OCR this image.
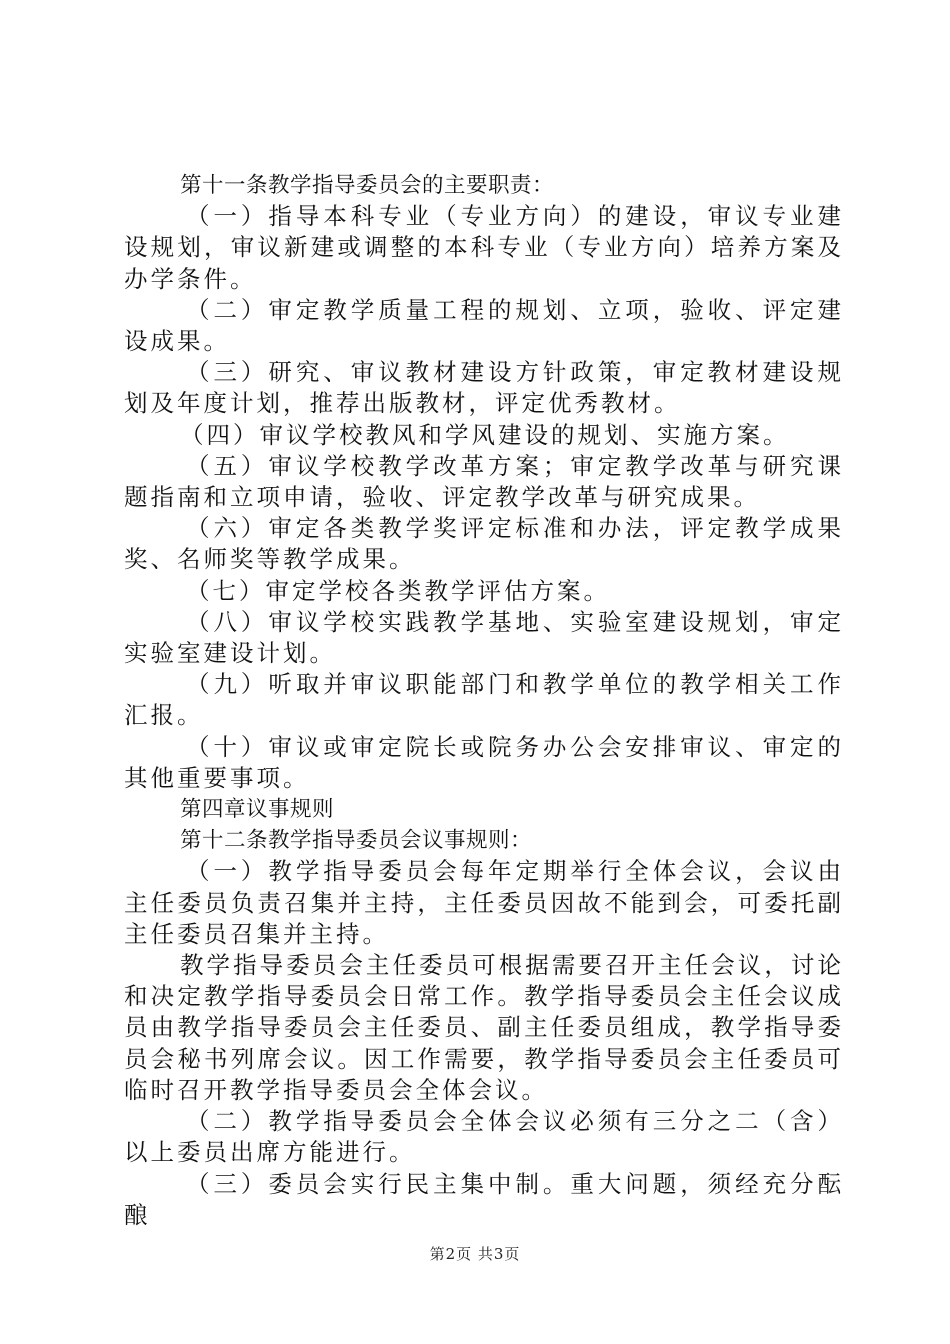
第十一条教学指导委员会的主要职责：

（一）指导本科专业（专业方向）的建设，审议专业建设规划，审议新建或调整的本科专业（专业方向）培养方案及办学条件。

（二）审定教学质量工程的规划、立项，验收、评定建设成果。

（三）研究、审议教材建设方针政策，审定教材建设规划及年度计划，推荐出版教材，评定优秀教材。

（四）审议学校教风和学风建设的规划、实施方案。

（五）审议学校教学改革方案；审定教学改革与研究课题指南和立项申请，验收、评定教学改革与研究成果。

（六）审定各类教学奖评定标准和办法，评定教学成果奖、名师奖等教学成果。

（七）审定学校各类教学评估方案。

（八）审议学校实践教学基地、实验室建设规划，审定实验室建设计划。

（九）听取并审议职能部门和教学单位的教学相关工作汇报。

（十）审议或审定院长或院务办公会安排审议、审定的其他重要事项。

第四章议事规则

第十二条教学指导委员会议事规则：

（一）教学指导委员会每年定期举行全体会议，会议由主任委员负责召集并主持，主任委员因故不能到会，可委托副主任委员召集并主持。

教学指导委员会主任委员可根据需要召开主任会议，讨论和决定教学指导委员会日常工作。教学指导委员会主任会议成员由教学指导委员会主任委员、副主任委员组成，教学指导委员会秘书列席会议。因工作需要，教学指导委员会主任委员可临时召开教学指导委员会全体会议。

（二）教学指导委员会全体会议必须有三分之二（含）以上委员出席方能进行。

（三）委员会实行民主集中制。重大问题，须经充分酝酿

第2页 共3页
